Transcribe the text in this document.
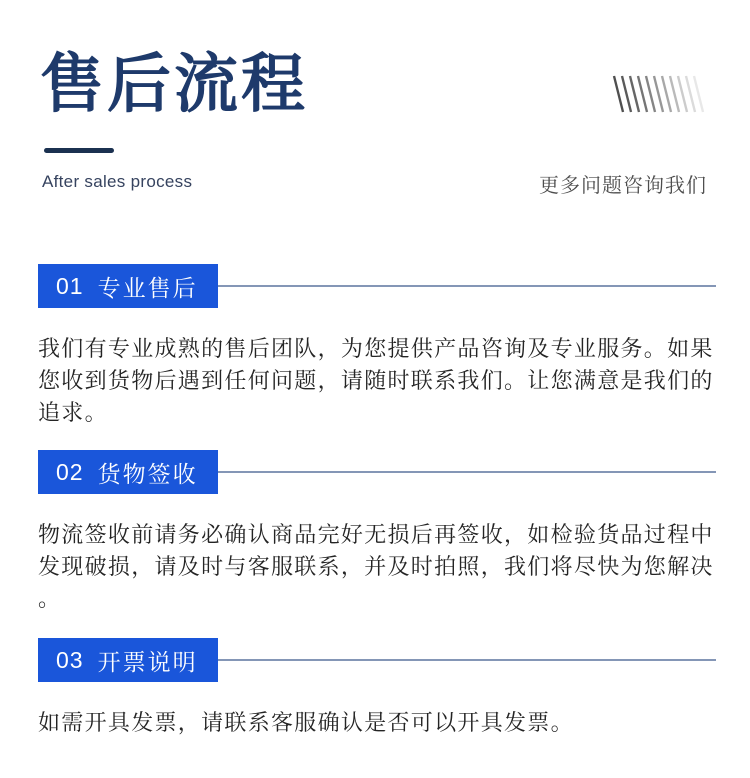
售后流程
After sales process	更多问题咨询我们
01 专业售后
我们有专业成熟的售后团队，为您提供产品咨询及专业服务。如果您收到货物后遇到任何问题，请随时联系我们。让您满意是我们的追求。
02 货物签收
物流签收前请务必确认商品完好无损后再签收，如检验货品过程中发现破损，请及时与客服联系，并及时拍照，我们将尽快为您解决。
03 开票说明
如需开具发票，请联系客服确认是否可以开具发票。
